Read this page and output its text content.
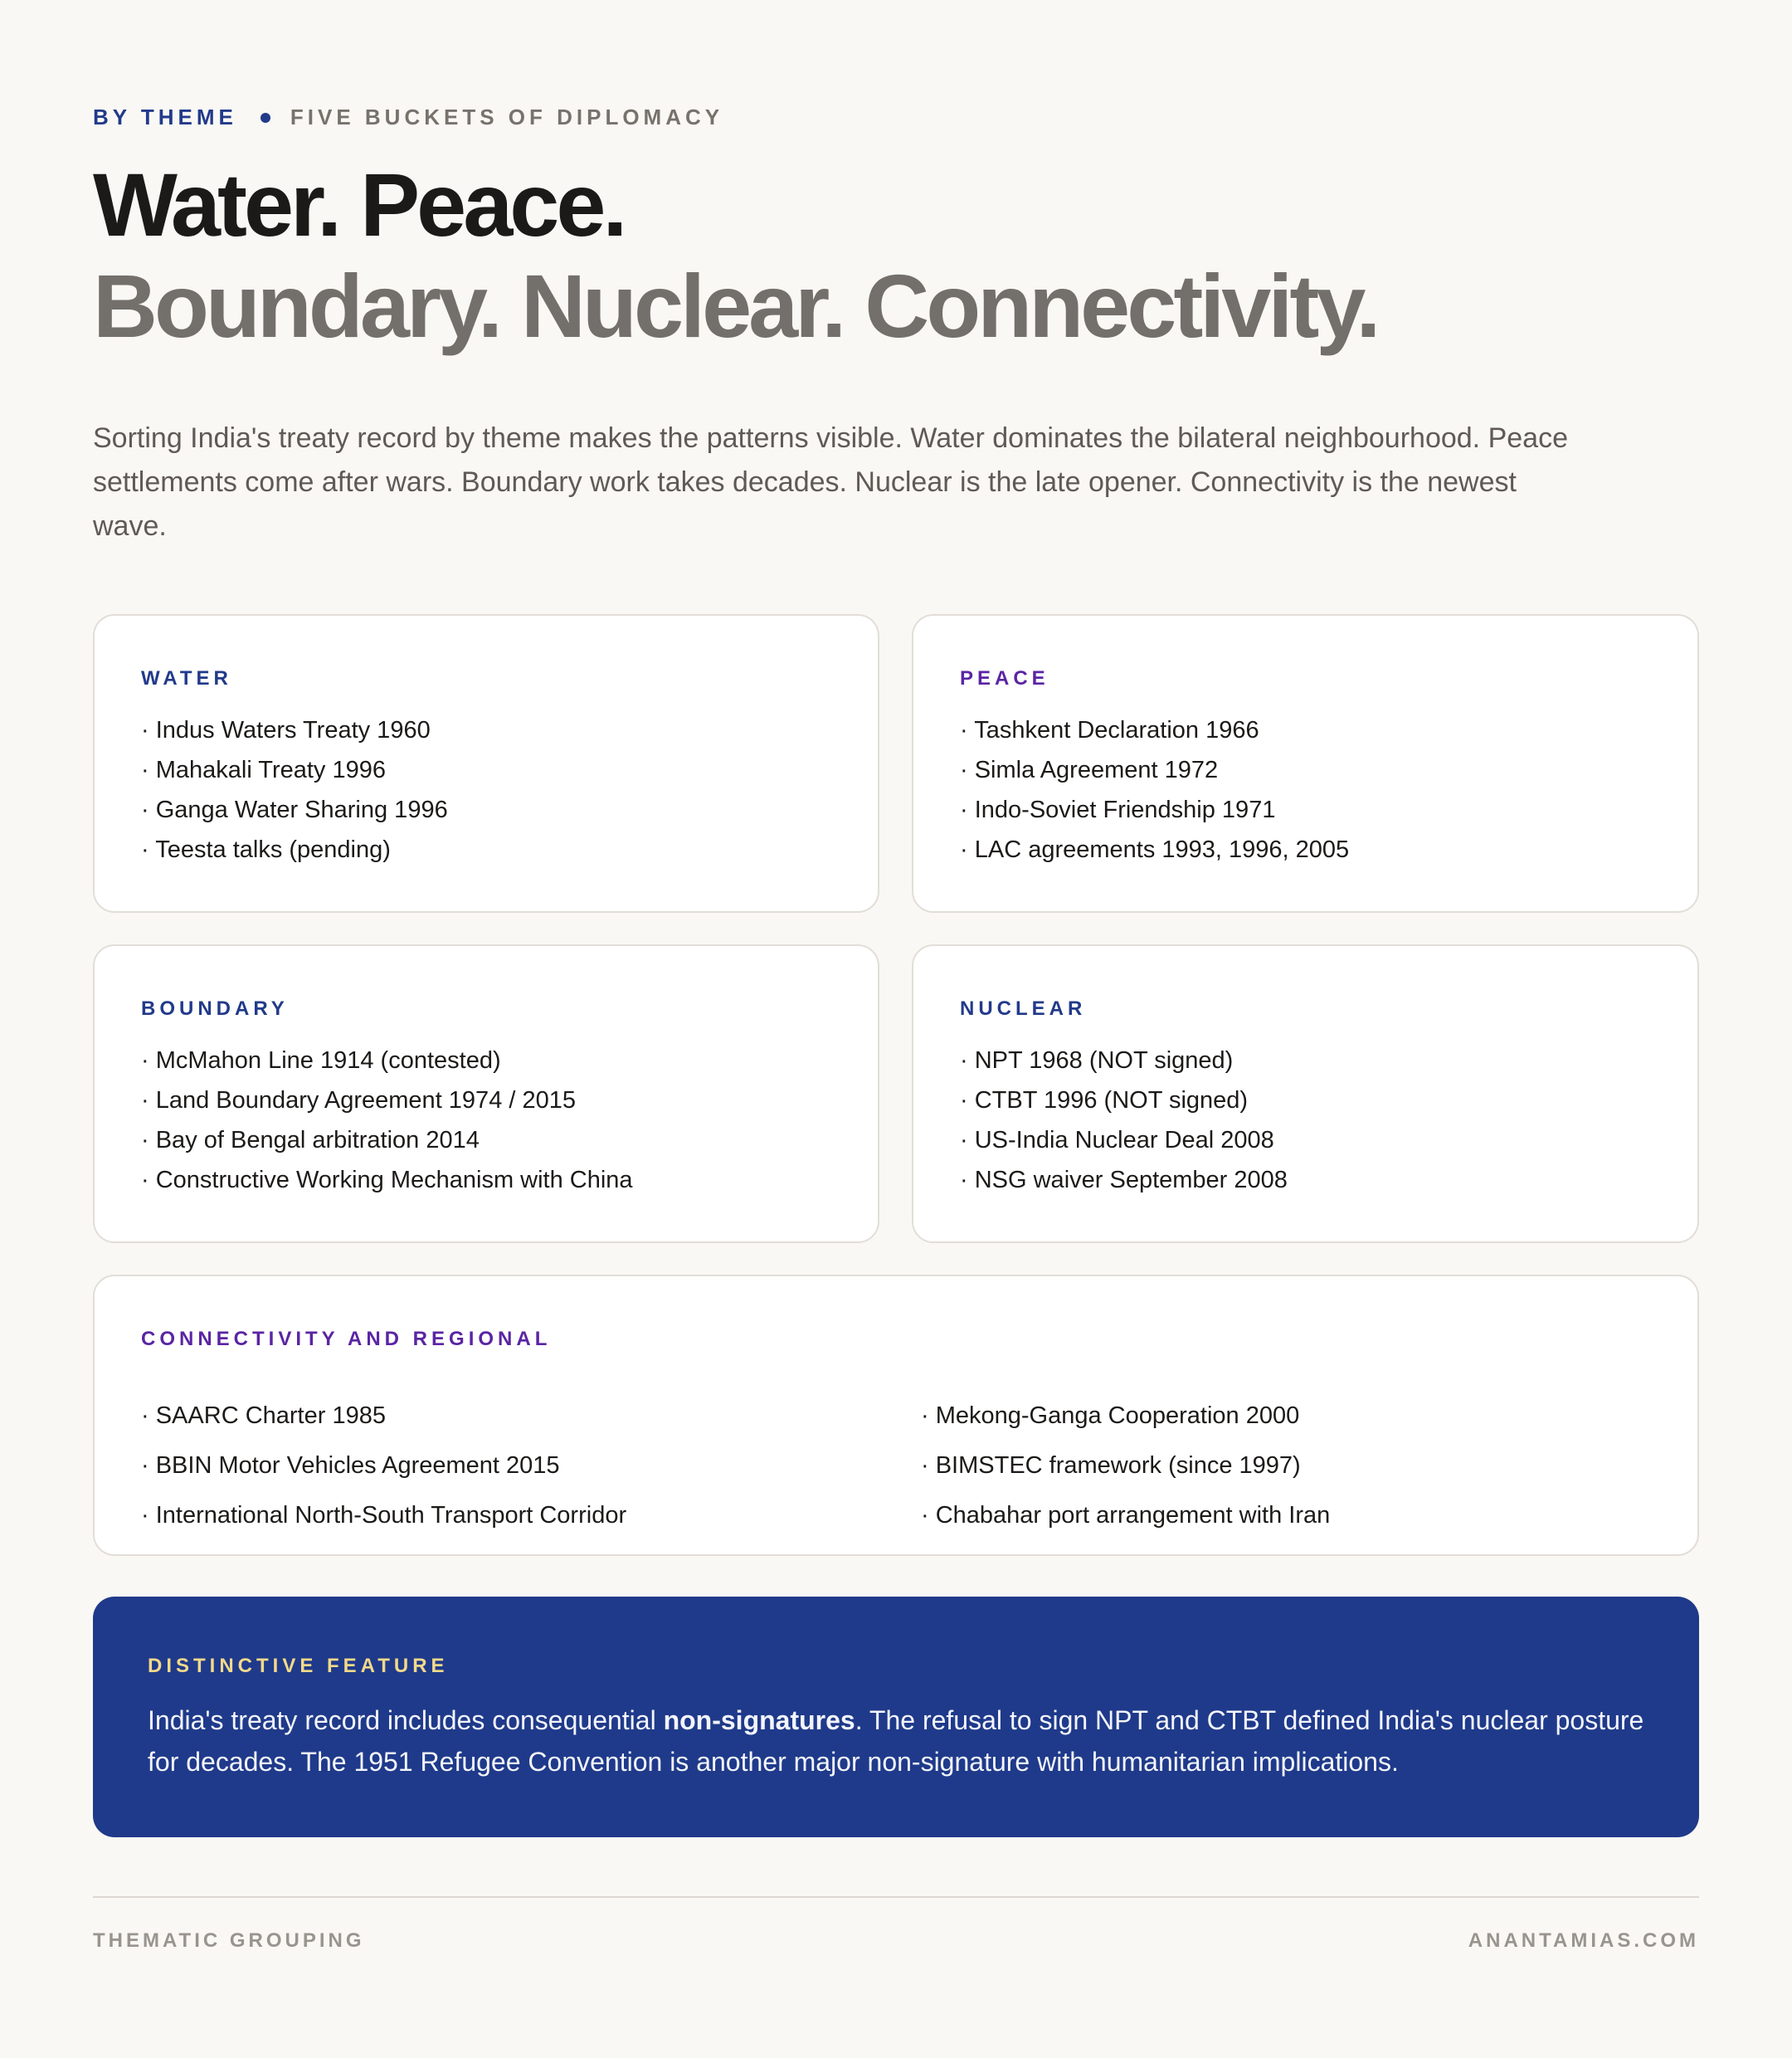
BY THEME FIVE BUCKETS OF DIPLOMACY
Water. Peace.
Boundary. Nuclear. Connectivity.

Sorting India's treaty record by theme makes the patterns visible. Water dominates the bilateral neighbourhood. Peace settlements come after wars. Boundary work takes decades. Nuclear is the late opener. Connectivity is the newest wave.

WATER
· Indus Waters Treaty 1960
· Mahakali Treaty 1996
· Ganga Water Sharing 1996
· Teesta talks (pending)
PEACE
· Tashkent Declaration 1966
· Simla Agreement 1972
· Indo-Soviet Friendship 1971
· LAC agreements 1993, 1996, 2005
BOUNDARY
· McMahon Line 1914 (contested)
· Land Boundary Agreement 1974 / 2015
· Bay of Bengal arbitration 2014
· Constructive Working Mechanism with China
NUCLEAR
· NPT 1968 (NOT signed)
· CTBT 1996 (NOT signed)
· US-India Nuclear Deal 2008
· NSG waiver September 2008
CONNECTIVITY AND REGIONAL
· SAARC Charter 1985
· BBIN Motor Vehicles Agreement 2015
· International North-South Transport Corridor
· Mekong-Ganga Cooperation 2000
· BIMSTEC framework (since 1997)
· Chabahar port arrangement with Iran
DISTINCTIVE FEATURE

India's treaty record includes consequential non-signatures. The refusal to sign NPT and CTBT defined India's nuclear posture for decades. The 1951 Refugee Convention is another major non-signature with humanitarian implications.

THEMATIC GROUPING	ANANTAMIAS.COM
